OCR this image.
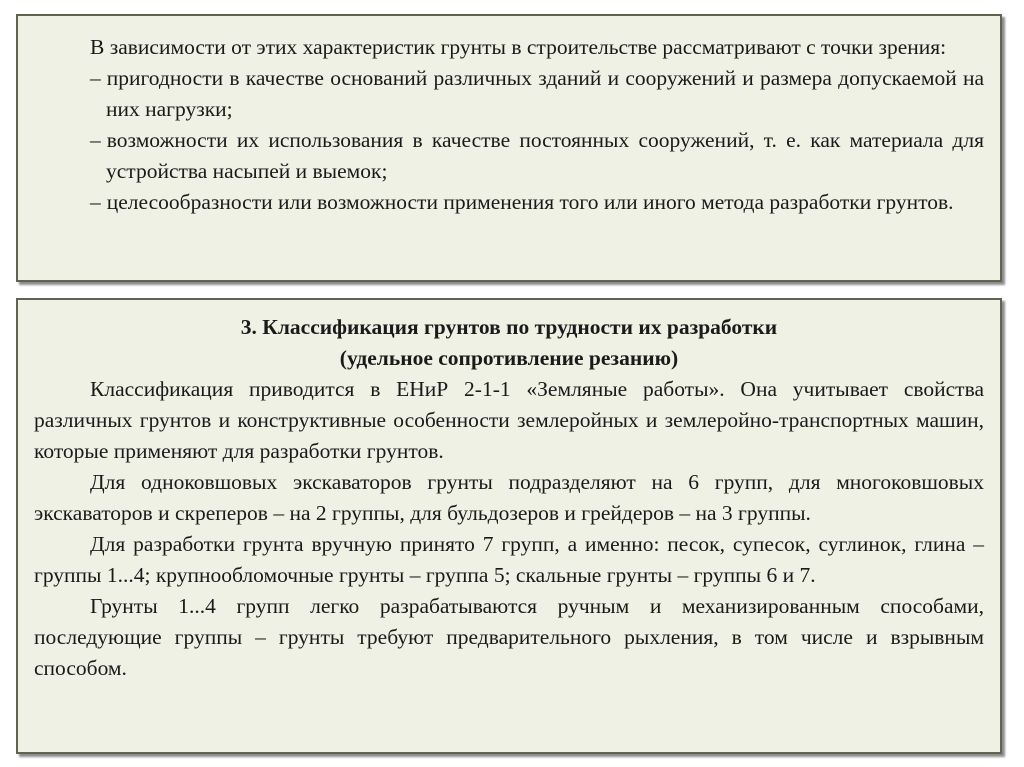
В зависимости от этих характеристик грунты в строительстве рассматривают с точки зрения:

– пригодности в качестве оснований различных зданий и сооружений и размера допускаемой на них нагрузки;

– возможности их использования в качестве постоянных сооружений, т. е. как материала для устройства насыпей и выемок;

– целесообразности или возможности применения того или иного метода разработки грунтов.

3. Классификация грунтов по трудности их разработки
(удельное сопротивление резанию)

Классификация приводится в ЕНиР 2-1-1 «Земляные работы». Она учитывает свойства различных грунтов и конструктивные особенности землеройных и землеройно-транспортных машин, которые применяют для разработки грунтов.

Для одноковшовых экскаваторов грунты подразделяют на 6 групп, для многоковшовых экскаваторов и скреперов – на 2 группы, для бульдозеров и грейдеров – на 3 группы.

Для разработки грунта вручную принято 7 групп, а именно: песок, супесок, суглинок, глина – группы 1...4; крупнообломочные грунты – группа 5; скальные грунты – группы 6 и 7.

Грунты 1...4 групп легко разрабатываются ручным и механизированным способами, последующие группы – грунты требуют предварительного рыхления, в том числе и взрывным способом.
